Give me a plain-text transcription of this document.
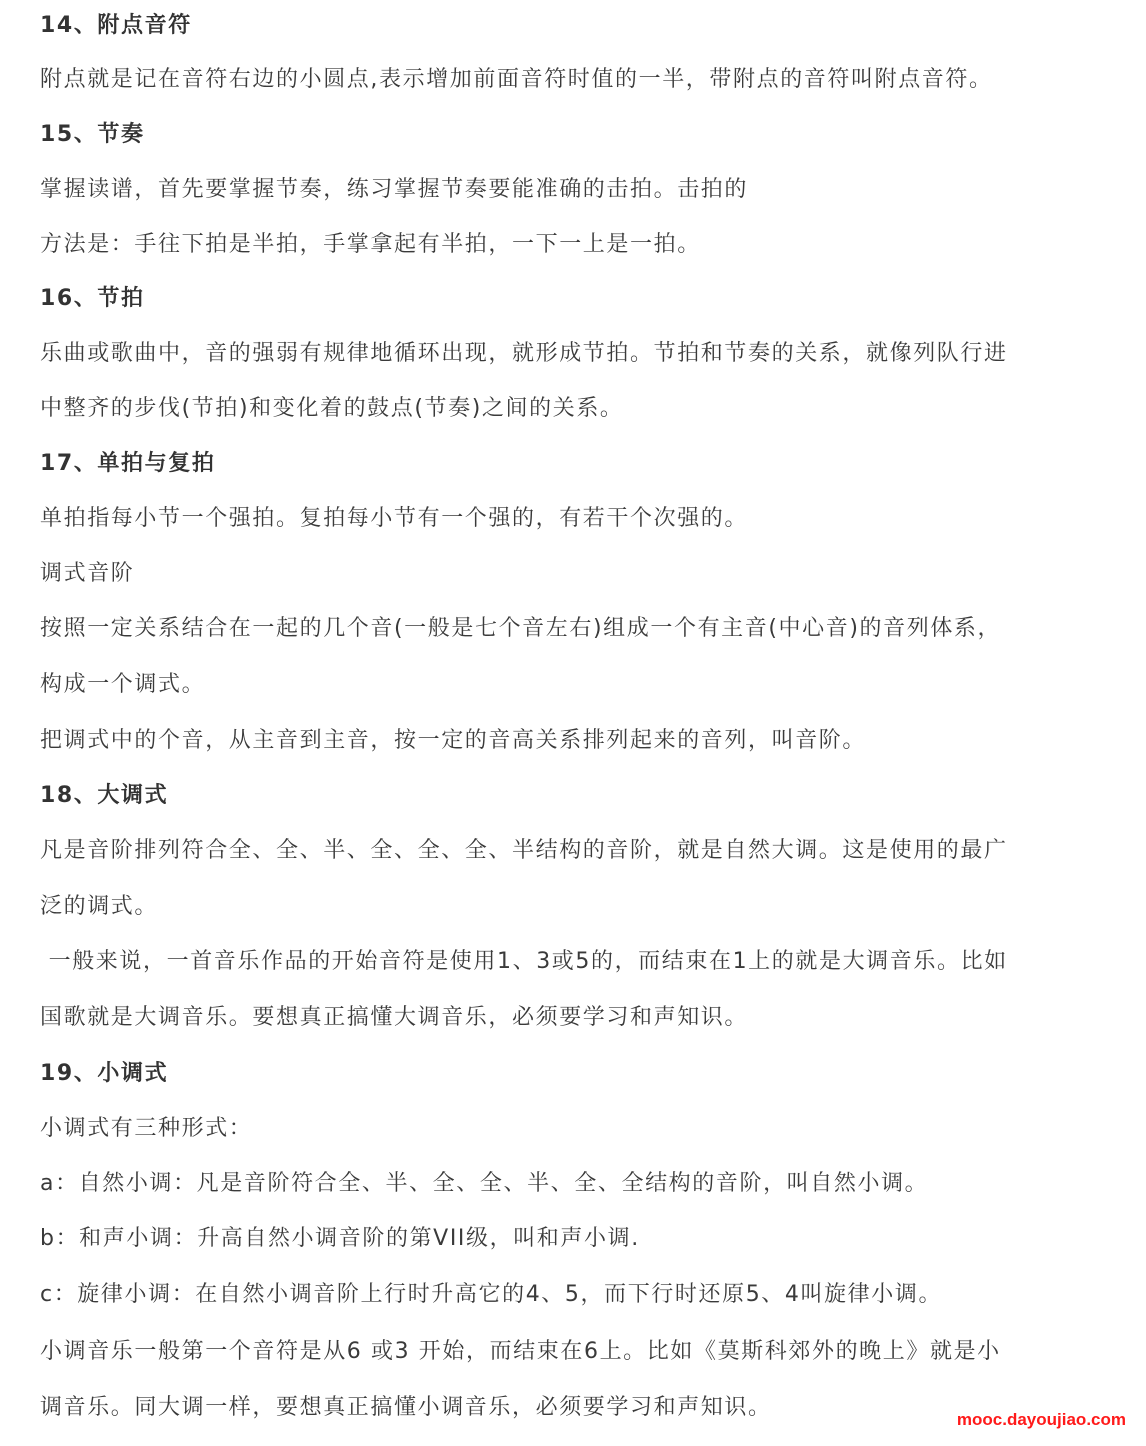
14、附点音符
附点就是记在音符右边的小圆点,表示增加前面音符时值的一半，带附点的音符叫附点音符。
15、节奏
掌握读谱，首先要掌握节奏，练习掌握节奏要能准确的击拍。击拍的
方法是：手往下拍是半拍，手掌拿起有半拍，一下一上是一拍。
16、节拍
乐曲或歌曲中，音的强弱有规律地循环出现，就形成节拍。节拍和节奏的关系，就像列队行进
中整齐的步伐(节拍)和变化着的鼓点(节奏)之间的关系。
17、单拍与复拍
单拍指每小节一个强拍。复拍每小节有一个强的，有若干个次强的。
调式音阶
按照一定关系结合在一起的几个音(一般是七个音左右)组成一个有主音(中心音)的音列体系，
构成一个调式。
把调式中的个音，从主音到主音，按一定的音高关系排列起来的音列，叫音阶。
18、大调式
凡是音阶排列符合全、全、半、全、全、全、半结构的音阶，就是自然大调。这是使用的最广
泛的调式。
一般来说，一首音乐作品的开始音符是使用1、3或5的，而结束在1上的就是大调音乐。比如
国歌就是大调音乐。要想真正搞懂大调音乐，必须要学习和声知识。
19、小调式
小调式有三种形式：
a：自然小调：凡是音阶符合全、半、全、全、半、全、全结构的音阶，叫自然小调。
b：和声小调：升高自然小调音阶的第VII级，叫和声小调.
c：旋律小调：在自然小调音阶上行时升高它的4、5，而下行时还原5、4叫旋律小调。
小调音乐一般第一个音符是从6 或3 开始，而结束在6上。比如《莫斯科郊外的晚上》就是小
调音乐。同大调一样，要想真正搞懂小调音乐，必须要学习和声知识。	mooc.dayoujiao.com
